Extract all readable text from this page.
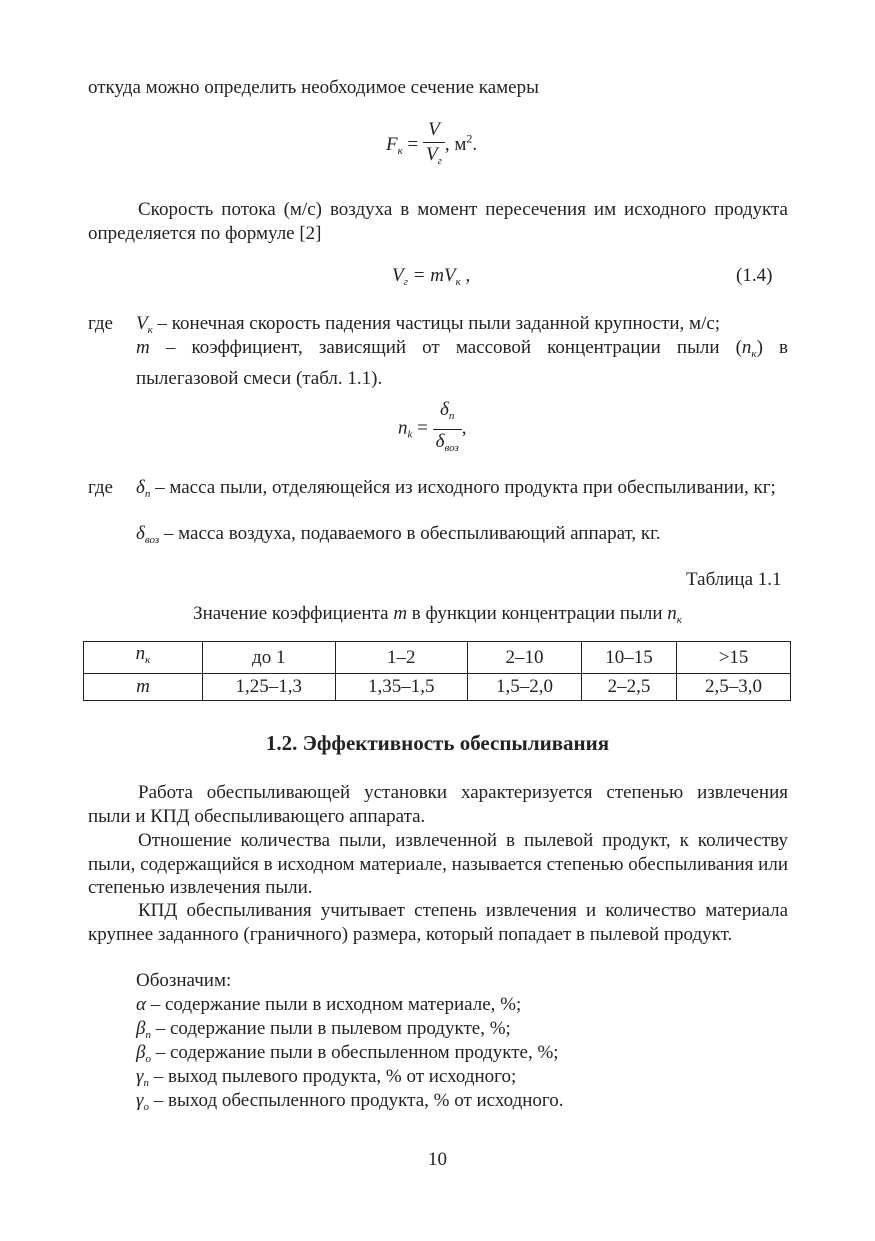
откуда можно определить необходимое сечение камеры
$F_к = \frac{V}{V_г}$ , $м^2$.
Скорость потока (м/с) воздуха в момент пересечения им исходного продукта определяется по формуле [2]
$V_г = mV_к$ ,	(1.4)
где $V_к$ – конечная скорость падения частицы пыли заданной крупности, м/с;
m – коэффициент, зависящий от массовой концентрации пыли $(n_к)$ в пылегазовой смеси (табл. 1.1).
$n_k = \frac{\delta_n}{\delta_{воз}}$ ,
где $\delta_п$ – масса пыли, отделяющейся из исходного продукта при обеспыливании, кг;
$\delta_{воз}$ – масса воздуха, подаваемого в обеспыливающий аппарат, кг.
Таблица 1.1
Значение коэффициента m в функции концентрации пыли $n_к$
$n_к$	до 1	1–2	2–10	10–15	>15
m	1,25–1,3	1,35–1,5	1,5–2,0	2–2,5	2,5–3,0
1.2. Эффективность обеспыливания
Работа обеспыливающей установки характеризуется степенью извлечения пыли и КПД обеспыливающего аппарата.
Отношение количества пыли, извлеченной в пылевой продукт, к количеству пыли, содержащийся в исходном материале, называется степенью обеспыливания или степенью извлечения пыли.
КПД обеспыливания учитывает степень извлечения и количество материала крупнее заданного (граничного) размера, который попадает в пылевой продукт.
Обозначим:
α – содержание пыли в исходном материале, %;
$\beta_п$ – содержание пыли в пылевом продукте, %;
$\beta_о$ – содержание пыли в обеспыленном продукте, %;
$\gamma_п$ – выход пылевого продукта, % от исходного;
$\gamma_о$ – выход обеспыленного продукта, % от исходного.
10
